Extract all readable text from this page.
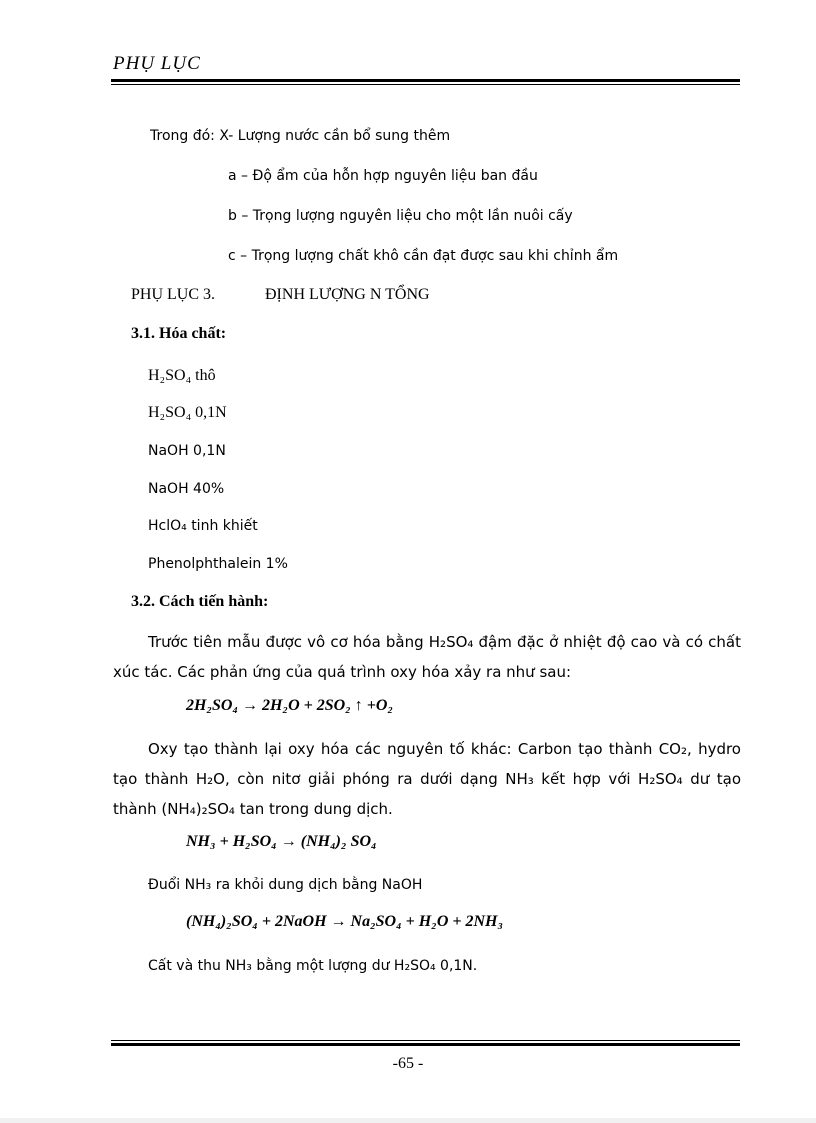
PHỤ LỤC
Trong đó: X- Lượng nước cần bổ sung thêm
a – Độ ẩm của hỗn hợp nguyên liệu ban đầu
b – Trọng lượng nguyên liệu cho một lần nuôi cấy
c – Trọng lượng chất khô cần đạt được sau khi chỉnh ẩm
PHỤ LỤC 3.	ĐỊNH LƯỢNG N TỔNG
3.1. Hóa chất:
H₂SO₄ thô
H₂SO₄ 0,1N
NaOH 0,1N
NaOH 40%
HclO₄ tinh khiết
Phenolphthalein 1%
3.2. Cách tiến hành:
Trước tiên mẫu được vô cơ hóa bằng H₂SO₄ đậm đặc ở nhiệt độ cao và có chất xúc tác. Các phản ứng của quá trình oxy hóa xảy ra như sau:
2H₂SO₄ → 2H₂O + 2SO₂ ↑ +O₂
Oxy tạo thành lại oxy hóa các nguyên tố khác: Carbon tạo thành CO₂, hydro tạo thành H₂O, còn nitơ giải phóng ra dưới dạng NH₃ kết hợp với H₂SO₄ dư tạo thành (NH₄)₂SO₄ tan trong dung dịch.
NH₃ + H₂SO₄ → (NH₄)₂ SO₄
Đuổi NH₃ ra khỏi dung dịch bằng NaOH
(NH₄)₂SO₄ + 2NaOH → Na₂SO₄ + H₂O + 2NH₃
Cất và thu NH₃ bằng một lượng dư H₂SO₄ 0,1N.
-65 -
